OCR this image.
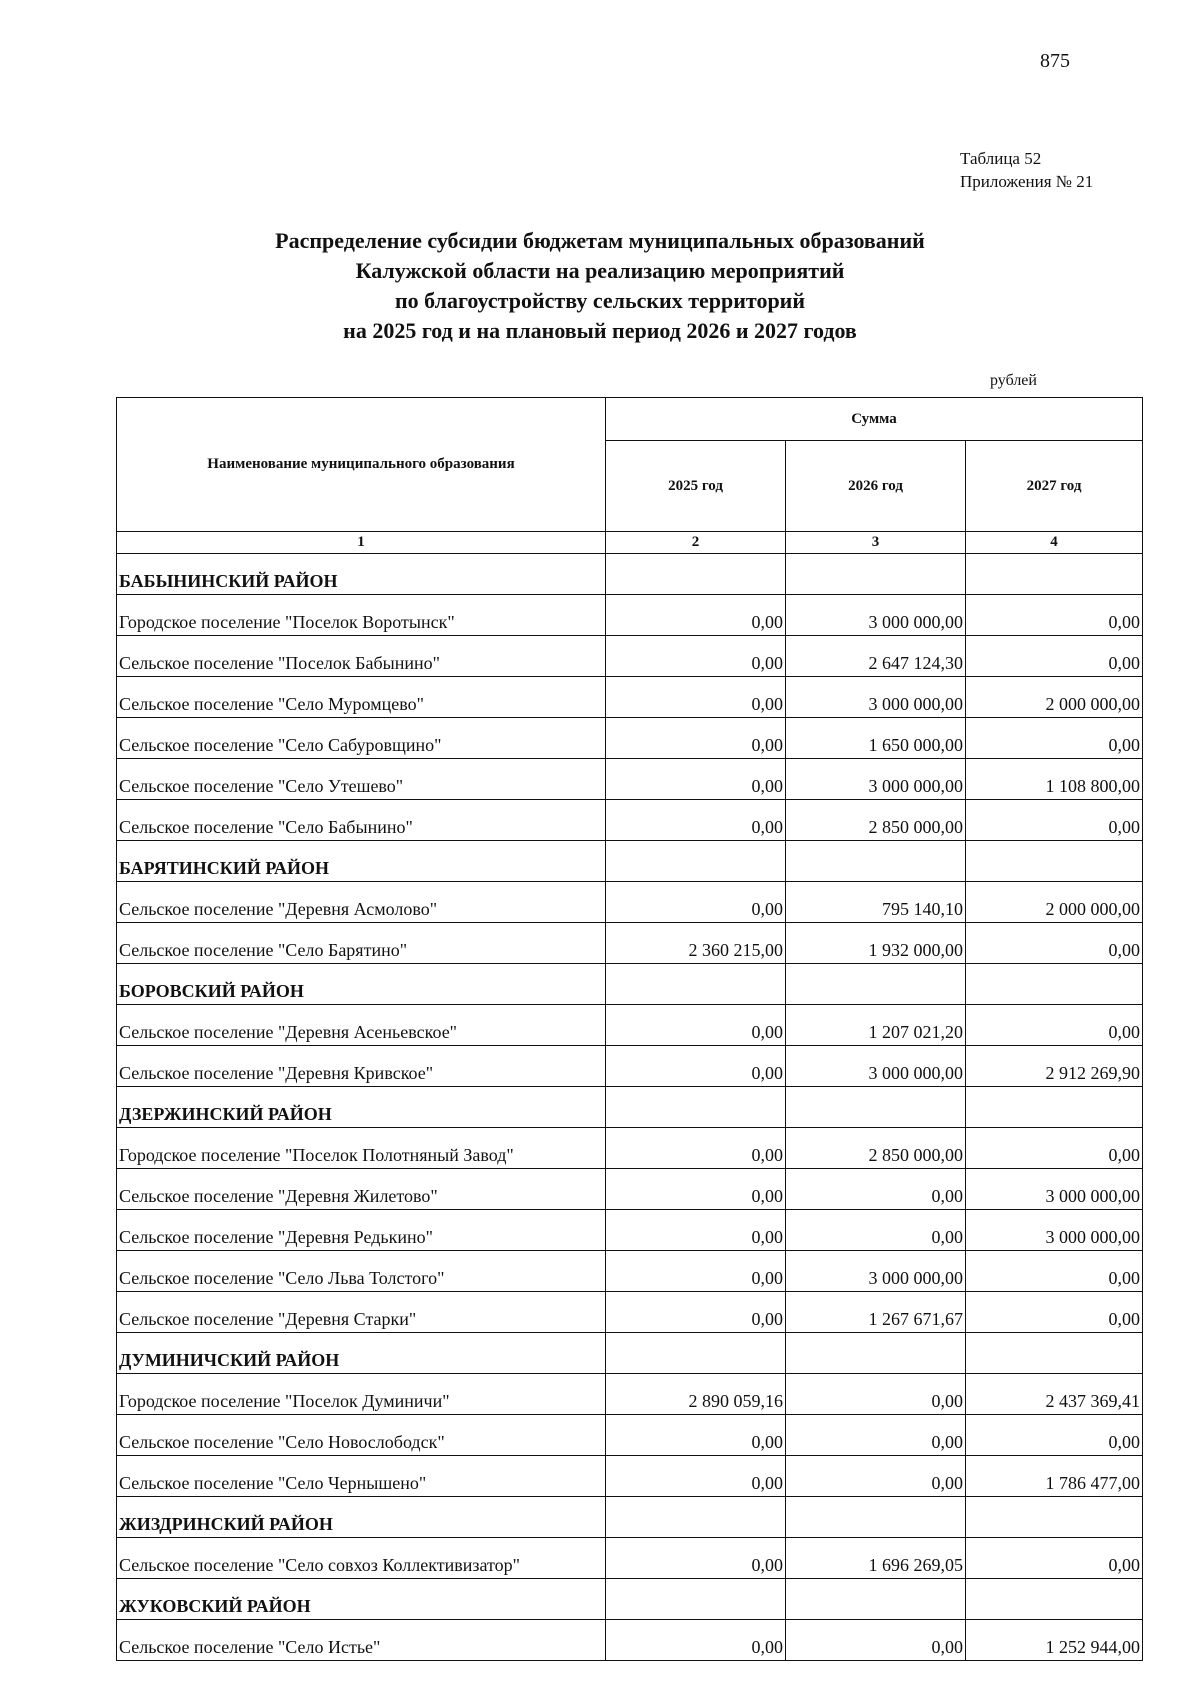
875
Таблица 52
Приложения № 21
Распределение субсидии бюджетам муниципальных образований
Калужской области на реализацию мероприятий
по благоустройству сельских территорий
на 2025 год и на плановый период 2026 и 2027 годов
рублей
Наименование муниципального образования	Сумма		
	2025 год	2026 год	2027 год
1	2	3	4
БАБЫНИНСКИЙ РАЙОН			
Городское поселение "Поселок Воротынск"	0,00	3 000 000,00	0,00
Сельское поселение "Поселок Бабынино"	0,00	2 647 124,30	0,00
Сельское поселение "Село Муромцево"	0,00	3 000 000,00	2 000 000,00
Сельское поселение "Село Сабуровщино"	0,00	1 650 000,00	0,00
Сельское поселение "Село Утешево"	0,00	3 000 000,00	1 108 800,00
Сельское поселение "Село Бабынино"	0,00	2 850 000,00	0,00
БАРЯТИНСКИЙ РАЙОН			
Сельское поселение "Деревня Асмолово"	0,00	795 140,10	2 000 000,00
Сельское поселение "Село Барятино"	2 360 215,00	1 932 000,00	0,00
БОРОВСКИЙ РАЙОН			
Сельское поселение "Деревня Асеньевское"	0,00	1 207 021,20	0,00
Сельское поселение "Деревня Кривское"	0,00	3 000 000,00	2 912 269,90
ДЗЕРЖИНСКИЙ РАЙОН			
Городское поселение "Поселок Полотняный Завод"	0,00	2 850 000,00	0,00
Сельское поселение "Деревня Жилетово"	0,00	0,00	3 000 000,00
Сельское поселение "Деревня Редькино"	0,00	0,00	3 000 000,00
Сельское поселение "Село Льва Толстого"	0,00	3 000 000,00	0,00
Сельское поселение "Деревня Старки"	0,00	1 267 671,67	0,00
ДУМИНИЧСКИЙ РАЙОН			
Городское поселение "Поселок Думиничи"	2 890 059,16	0,00	2 437 369,41
Сельское поселение "Село Новослободск"	0,00	0,00	0,00
Сельское поселение "Село Чернышено"	0,00	0,00	1 786 477,00
ЖИЗДРИНСКИЙ РАЙОН			
Сельское поселение "Село совхоз Коллективизатор"	0,00	1 696 269,05	0,00
ЖУКОВСКИЙ РАЙОН			
Сельское поселение "Село Истье"	0,00	0,00	1 252 944,00
